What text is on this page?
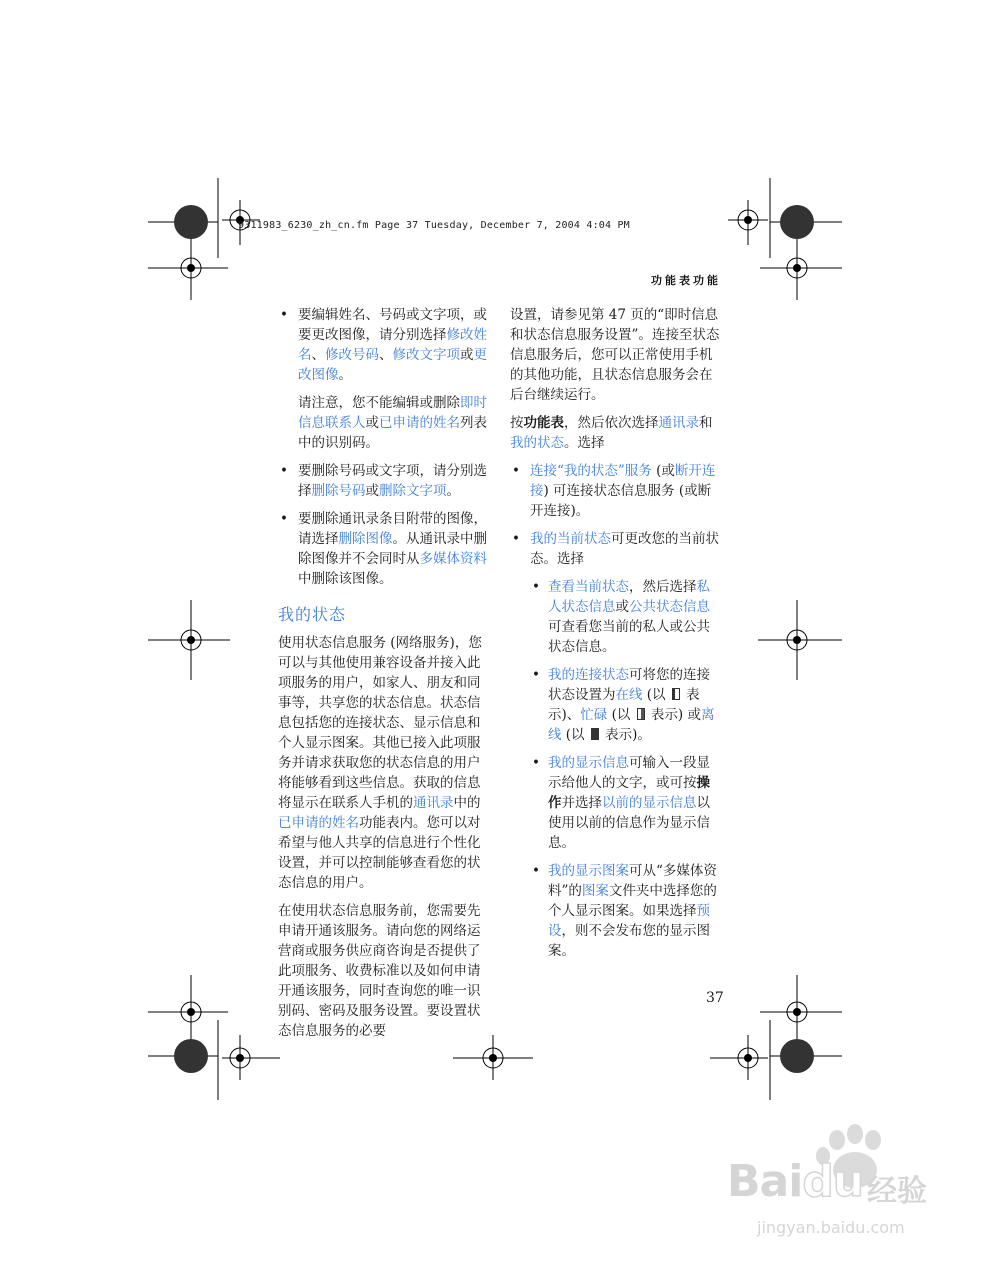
9311983_6230_zh_cn.fm Page 37 Tuesday, December 7, 2004 4:04 PM
功能表功能
• 要编辑姓名、号码或文字项，或要更改图像，请分别选择修改姓名、修改号码、修改文字项或更改图像。

请注意，您不能编辑或删除即时信息联系人或已申请的姓名列表中的识别码。

• 要删除号码或文字项，请分别选择删除号码或删除文字项。
• 要删除通讯录条目附带的图像，请选择删除图像。从通讯录中删除图像并不会同时从多媒体资料中删除该图像。
我的状态

使用状态信息服务 (网络服务)，您可以与其他使用兼容设备并接入此项服务的用户，如家人、朋友和同事等，共享您的状态信息。状态信息包括您的连接状态、显示信息和个人显示图案。其他已接入此项服务并请求获取您的状态信息的用户将能够看到这些信息。获取的信息将显示在联系人手机的通讯录中的已申请的姓名功能表内。您可以对希望与他人共享的信息进行个性化设置，并可以控制能够查看您的状态信息的用户。

在使用状态信息服务前，您需要先申请开通该服务。请向您的网络运营商或服务供应商咨询是否提供了此项服务、收费标准以及如何申请开通该服务，同时查询您的唯一识别码、密码及服务设置。要设置状态信息服务的必要

设置，请参见第 47 页的“即时信息和状态信息服务设置”。连接至状态信息服务后，您可以正常使用手机的其他功能，且状态信息服务会在后台继续运行。

按功能表，然后依次选择通讯录和我的状态。选择

• 连接“我的状态”服务 (或断开连接) 可连接状态信息服务 (或断开连接)。
• 我的当前状态可更改您的当前状态。选择
• 查看当前状态，然后选择私人状态信息或公共状态信息可查看您当前的私人或公共状态信息。
• 我的连接状态可将您的连接状态设置为在线 (以  表示)、忙碌 (以  表示) 或离线 (以  表示)。
• 我的显示信息可输入一段显示给他人的文字，或可按操作并选择以前的显示信息以使用以前的信息作为显示信息。
• 我的显示图案可从“多媒体资料”的图案文件夹中选择您的个人显示图案。如果选择预设，则不会发布您的显示图案。
37
Baidu 经验
jingyan.baidu.com
